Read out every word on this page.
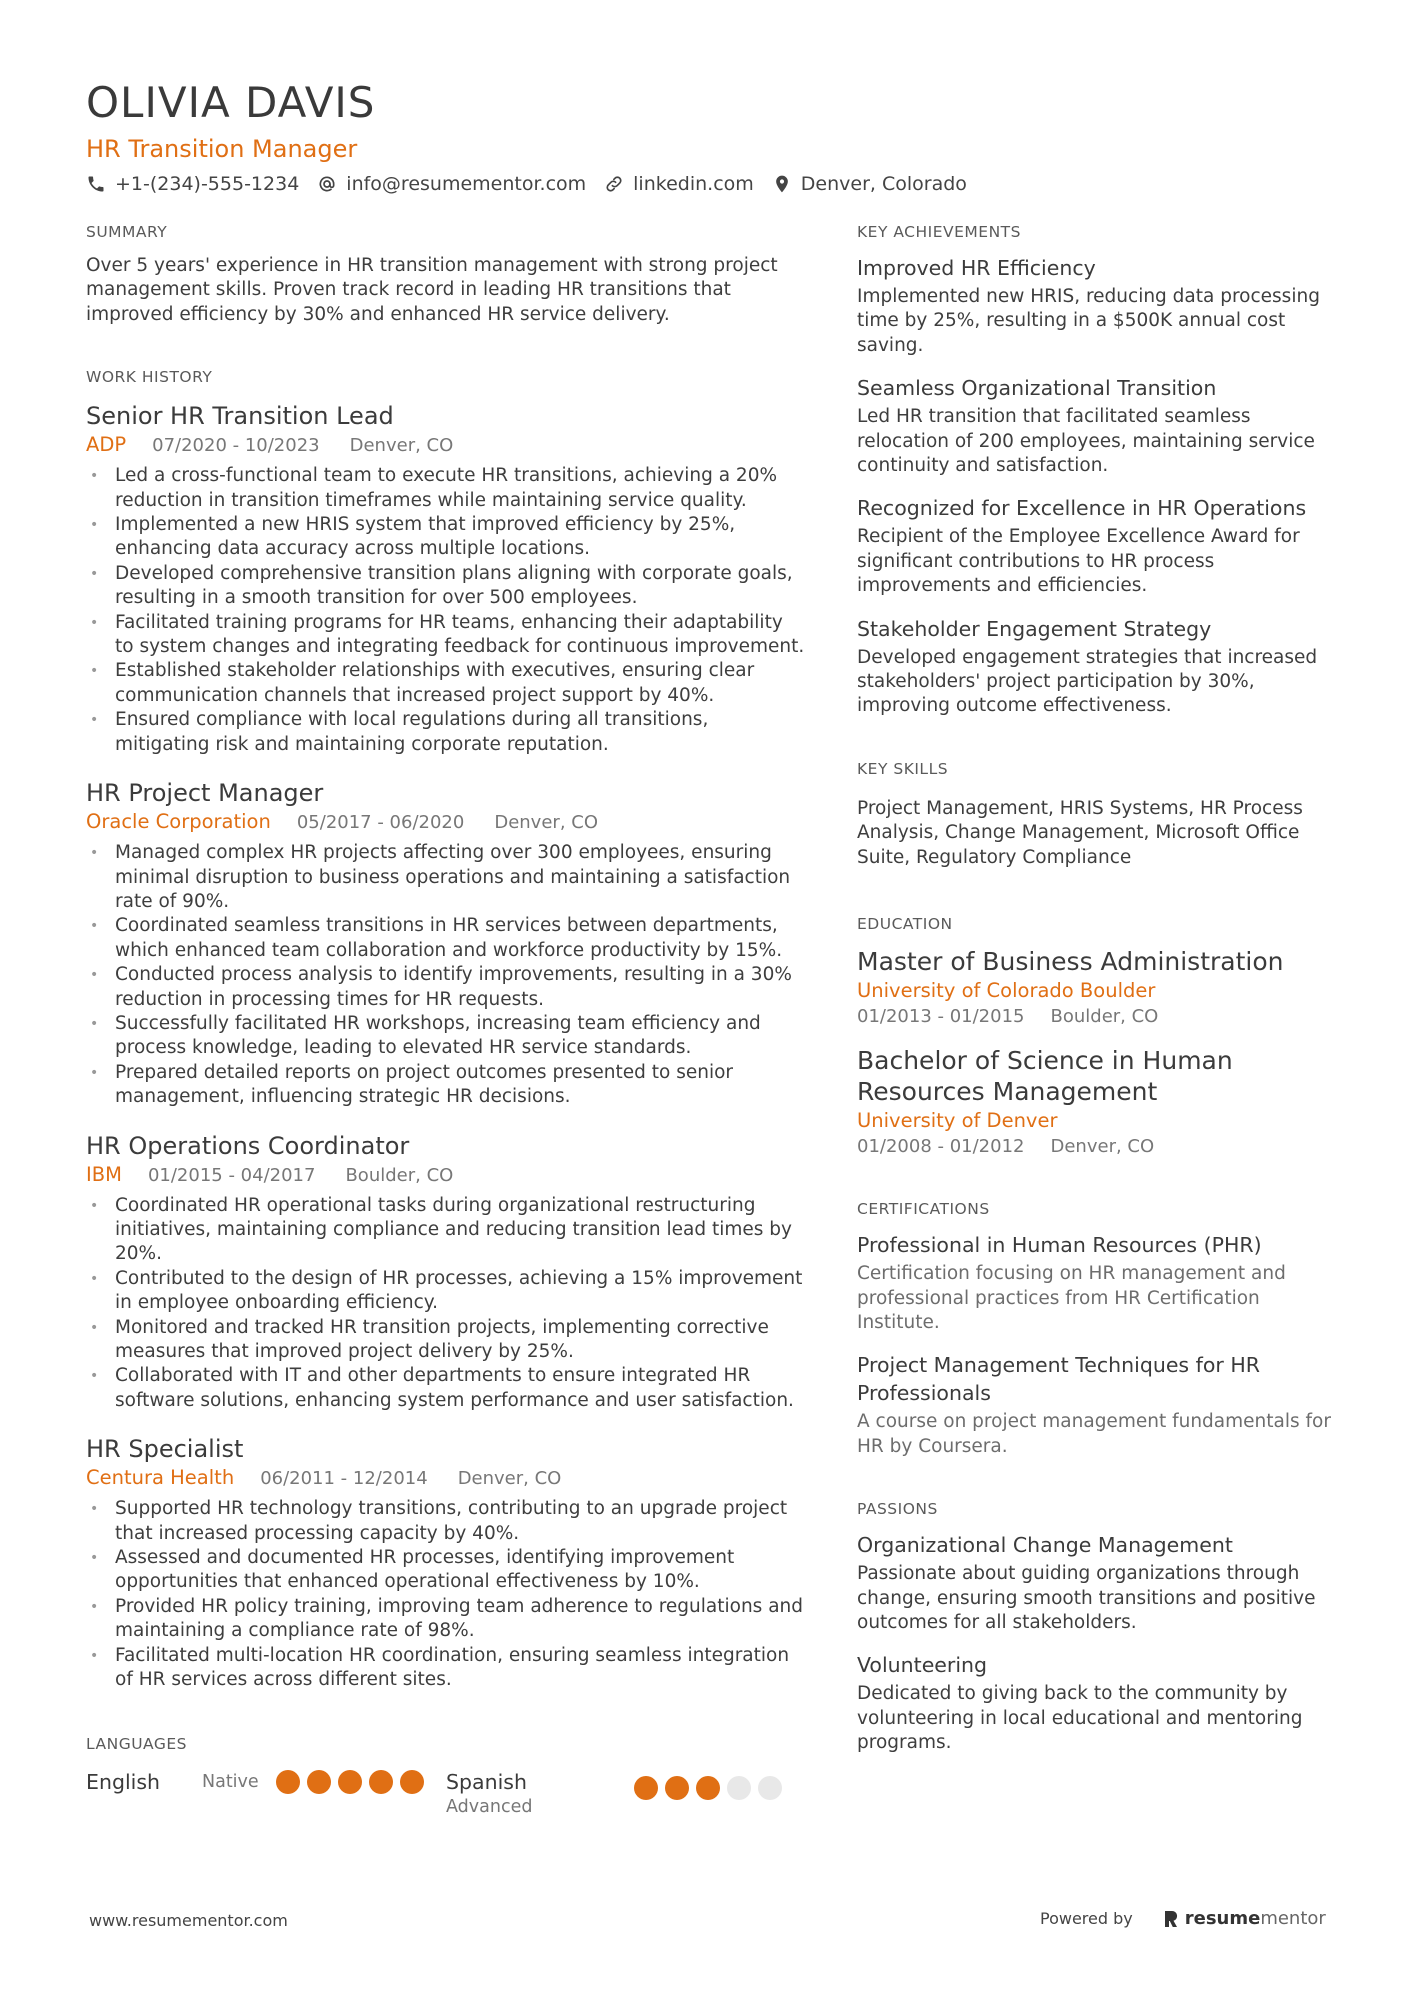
OLIVIA DAVIS
HR Transition Manager
+1-(234)-555-1234 info@resumementor.com linkedin.com Denver, Colorado
SUMMARY
Over 5 years' experience in HR transition management with strong project management skills. Proven track record in leading HR transitions that improved efficiency by 30% and enhanced HR service delivery.
WORK HISTORY
Senior HR Transition Lead
ADP 07/2020 - 10/2023 Denver, CO
• Led a cross-functional team to execute HR transitions, achieving a 20% reduction in transition timeframes while maintaining service quality.
• Implemented a new HRIS system that improved efficiency by 25%, enhancing data accuracy across multiple locations.
• Developed comprehensive transition plans aligning with corporate goals, resulting in a smooth transition for over 500 employees.
• Facilitated training programs for HR teams, enhancing their adaptability to system changes and integrating feedback for continuous improvement.
• Established stakeholder relationships with executives, ensuring clear communication channels that increased project support by 40%.
• Ensured compliance with local regulations during all transitions, mitigating risk and maintaining corporate reputation.
HR Project Manager
Oracle Corporation 05/2017 - 06/2020 Denver, CO
• Managed complex HR projects affecting over 300 employees, ensuring minimal disruption to business operations and maintaining a satisfaction rate of 90%.
• Coordinated seamless transitions in HR services between departments, which enhanced team collaboration and workforce productivity by 15%.
• Conducted process analysis to identify improvements, resulting in a 30% reduction in processing times for HR requests.
• Successfully facilitated HR workshops, increasing team efficiency and process knowledge, leading to elevated HR service standards.
• Prepared detailed reports on project outcomes presented to senior management, influencing strategic HR decisions.
HR Operations Coordinator
IBM 01/2015 - 04/2017 Boulder, CO
• Coordinated HR operational tasks during organizational restructuring initiatives, maintaining compliance and reducing transition lead times by 20%.
• Contributed to the design of HR processes, achieving a 15% improvement in employee onboarding efficiency.
• Monitored and tracked HR transition projects, implementing corrective measures that improved project delivery by 25%.
• Collaborated with IT and other departments to ensure integrated HR software solutions, enhancing system performance and user satisfaction.
HR Specialist
Centura Health 06/2011 - 12/2014 Denver, CO
• Supported HR technology transitions, contributing to an upgrade project that increased processing capacity by 40%.
• Assessed and documented HR processes, identifying improvement opportunities that enhanced operational effectiveness by 10%.
• Provided HR policy training, improving team adherence to regulations and maintaining a compliance rate of 98%.
• Facilitated multi-location HR coordination, ensuring seamless integration of HR services across different sites.
LANGUAGES
English	Native	Spanish
Advanced
KEY ACHIEVEMENTS
Improved HR Efficiency
Implemented new HRIS, reducing data processing time by 25%, resulting in a $500K annual cost saving.
Seamless Organizational Transition
Led HR transition that facilitated seamless relocation of 200 employees, maintaining service continuity and satisfaction.
Recognized for Excellence in HR Operations
Recipient of the Employee Excellence Award for significant contributions to HR process improvements and efficiencies.
Stakeholder Engagement Strategy
Developed engagement strategies that increased stakeholders' project participation by 30%, improving outcome effectiveness.
KEY SKILLS
Project Management, HRIS Systems, HR Process Analysis, Change Management, Microsoft Office Suite, Regulatory Compliance
EDUCATION
Master of Business Administration
University of Colorado Boulder
01/2013 - 01/2015 Boulder, CO
Bachelor of Science in Human Resources Management
University of Denver
01/2008 - 01/2012 Denver, CO
CERTIFICATIONS
Professional in Human Resources (PHR)
Certification focusing on HR management and professional practices from HR Certification Institute.
Project Management Techniques for HR Professionals
A course on project management fundamentals for HR by Coursera.
PASSIONS
Organizational Change Management
Passionate about guiding organizations through change, ensuring smooth transitions and positive outcomes for all stakeholders.
Volunteering
Dedicated to giving back to the community by volunteering in local educational and mentoring programs.
www.resumementor.com	Powered by	resume mentor
